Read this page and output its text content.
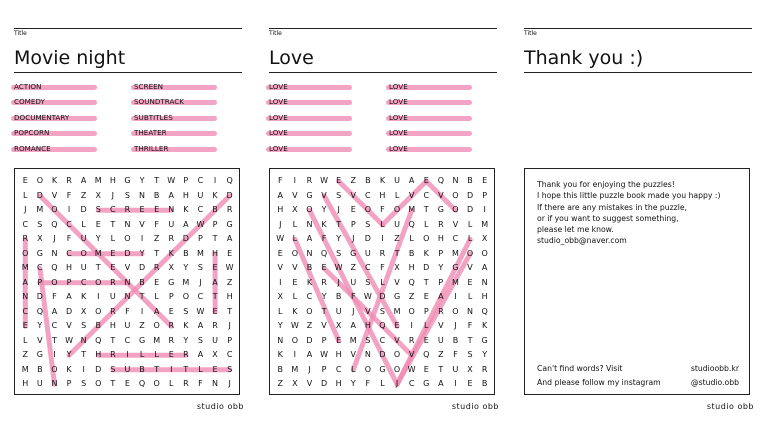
Title
Movie night
ACTION
COMEDY
DOCUMENTARY
POPCORN
ROMANCE
SCREEN
SOUNDTRACK
SUBTITLES
THEATER
THRILLER
E	O	K	R	A	M	H	G	Y	T	W	P	C	I	Q
L	D	V	F	Z	X	J	S	N	B	A	H	U	K	D
J	M O	I	D	S	C	R	E	E	N	K	C	B	R
C	S	Q	C	L	E	T	N	V	F	U	A W	P	G
R	X	J	F	U	Y	L	O	I	Z	R	D	P	T	A
O	G	N	C	O	M	E	D	Y	T	K	B	M	H	E
M	C	Q	H	U	T	E	V	D	R	X	Y	S	E	W
A	P	O	P	C	O	R	N	B	E	G	M	J	A	Z
N	D	F	A	K	I	U	N	T	L	P	O	C	T	H
C	Q	A	D	X	O	R	F	I	A	E	S	W	E	T
E	Y	C	V	S	B	H	U	Z	O	R	K	A	R	J
L	V	T	W N	Q	T	C	G	M	R	Y	S	U	P
Z	G	I	Y	T	H	R	I	L	L	E	R	A	X	C
M	B	O	K	I	D	S	U	B	T	I	T	L	E	S
H	U	N	P	S	O	T	E	Q	O	L	R	F	N	J
studio obb
Title
Love
LOVE
LOVE
LOVE
LOVE
LOVE
LOVE
LOVE
LOVE
LOVE
LOVE
F	I	R W	E	Z	B	K	U	A	E	Q	N	B	E
A	V	G	V	S	V	C	H	L	V	C	V	O	D	P
H	X	O	Y	J	E	O	F	O	M	T	G	O	D	I
J	L	N	K	T	P	S	L	U	Q	L	R	V	L	M
W	L	A	F	Y	J	D	I	Z	L	O	H	C	L	X
E	O	N	Q	S	G	U	R	T	B	K	P	M	O	O
V	V	B	E	W Z	C	F	X	H	D	Y	G	V	A
I	E	K	R	J	U	S	L	V	Q	T	P	M	E	N
X	L	C	Y	B	F	W D	G	Z	E	A	I	L	H
L	K	O	T	U	J	V	S	M O	P	R	O	N	Q
Y	W Z	V	X	A	H	Q	E	I	L	V	J	F	K
N	O	D	P	E	M	S	C	V	R	E	U	B	T	G
K	I	A W H	V	N	D	O	V	Q	Z	F	S	Y
B	M	J	P	C	L	O	G	O W	E	T	U	X	R
Z	X	V	D	H	Y	F	L	J	C	G	A	I	E	B
studio obb
Title
Thank you :)
Thank you for enjoying the puzzles!
I hope this little puzzle book made you happy :)
If there are any mistakes in the puzzle,
or if you want to suggest something,
please let me know.
studio_obb@naver.com
Can't find words? Visit	studioobb.kr
And please follow my instagram	@studio.obb
studio obb
